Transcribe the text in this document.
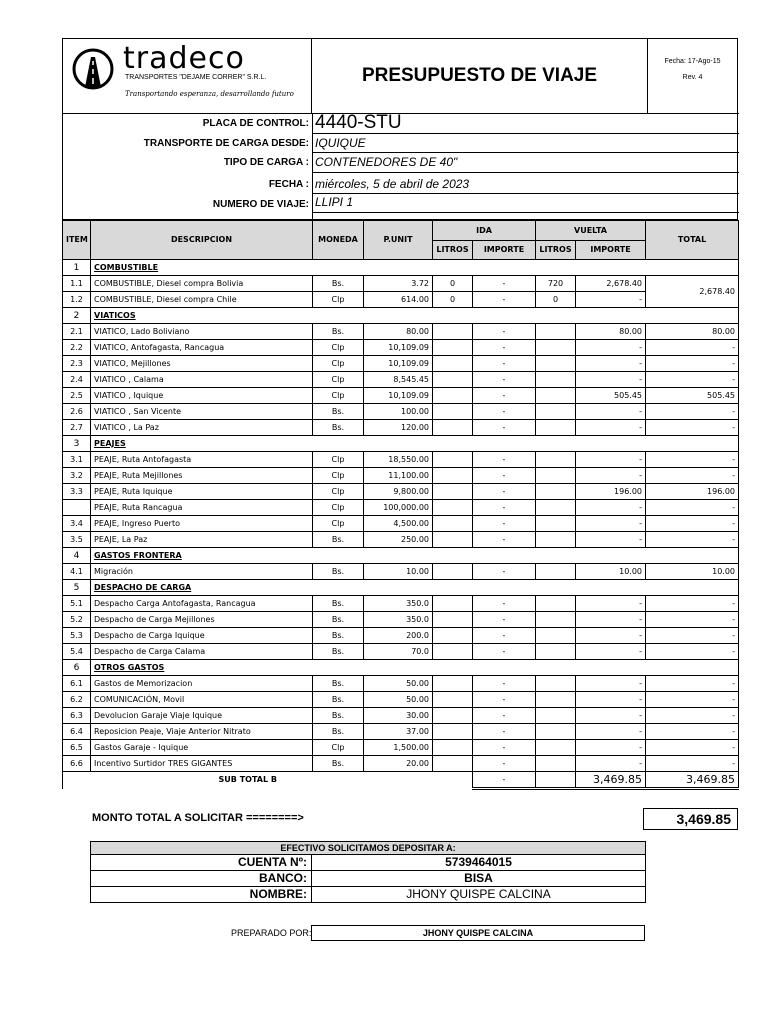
tradeco
TRANSPORTES "DEJAME CORRER" S.R.L.
Transportando esperanza, desarrollando futuro
PRESUPUESTO DE VIAJE
Fecha: 17-Ago-15
Rev. 4
PLACA DE CONTROL: 4440-STU
TRANSPORTE DE CARGA DESDE: IQUIQUE
TIPO DE CARGA : CONTENEDORES DE 40"
FECHA : miércoles, 5 de abril de 2023
NUMERO DE VIAJE: LLIPI 1
ITEM	DESCRIPCION	MONEDA	P.UNIT	IDA		VUELTA		TOTAL
				LITROS	IMPORTE	LITROS	IMPORTE	
1	COMBUSTIBLE							
1.1	COMBUSTIBLE, Diesel compra Bolivia	Bs.	3.72	0	-	720	2,678.40	2,678.40
1.2	COMBUSTIBLE, Diesel compra Chile	Clp	614.00	0	-	0	-	
2	VIATICOS							
2.1	VIATICO, Lado Boliviano	Bs.	80.00		-		80.00	80.00
2.2	VIATICO, Antofagasta, Rancagua	Clp	10,109.09		-		-	-
2.3	VIATICO, Mejillones	Clp	10,109.09		-		-	-
2.4	VIATICO , Calama	Clp	8,545.45		-		-	-
2.5	VIATICO , Iquique	Clp	10,109.09		-		505.45	505.45
2.6	VIATICO , San Vicente	Bs.	100.00		-		-	-
2.7	VIATICO , La Paz	Bs.	120.00		-		-	-
3	PEAJES							
3.1	PEAJE, Ruta Antofagasta	Clp	18,550.00		-		-	-
3.2	PEAJE, Ruta Mejillones	Clp	11,100.00		-		-	-
3.3	PEAJE, Ruta Iquique	Clp	9,800.00		-		196.00	196.00
	PEAJE, Ruta Rancagua	Clp	100,000.00		-		-	-
3.4	PEAJE, Ingreso Puerto	Clp	4,500.00		-		-	-
3.5	PEAJE, La Paz	Bs.	250.00		-		-	-
4	GASTOS FRONTERA							
4.1	Migración	Bs.	10.00		-		10.00	10.00
5	DESPACHO DE CARGA							
5.1	Despacho Carga Antofagasta, Rancagua	Bs.	350.0		-		-	-
5.2	Despacho de Carga Mejillones	Bs.	350.0		-		-	-
5.3	Despacho de Carga Iquique	Bs.	200.0		-		-	-
5.4	Despacho de Carga Calama	Bs.	70.0		-		-	-
6	OTROS GASTOS							
6.1	Gastos de Memorizacion	Bs.	50.00		-		-	-
6.2	COMUNICACIÓN, Movil	Bs.	50.00		-		-	-
6.3	Devolucion Garaje Viaje Iquique	Bs.	30.00		-		-	-
6.4	Reposicion Peaje, Viaje Anterior Nitrato	Bs.	37.00		-		-	-
6.5	Gastos Garaje - Iquique	Clp	1,500.00		-		-	-
6.6	Incentivo Surtidor TRES GIGANTES	Bs.	20.00		-		-	-
SUB TOTAL B					-		3,469.85	3,469.85
MONTO TOTAL A SOLICITAR ========>	3,469.85
EFECTIVO SOLICITAMOS DEPOSITAR A:	
CUENTA Nº:	5739464015
BANCO:	BISA
NOMBRE:	JHONY QUISPE CALCINA
PREPARADO POR:	JHONY QUISPE CALCINA
